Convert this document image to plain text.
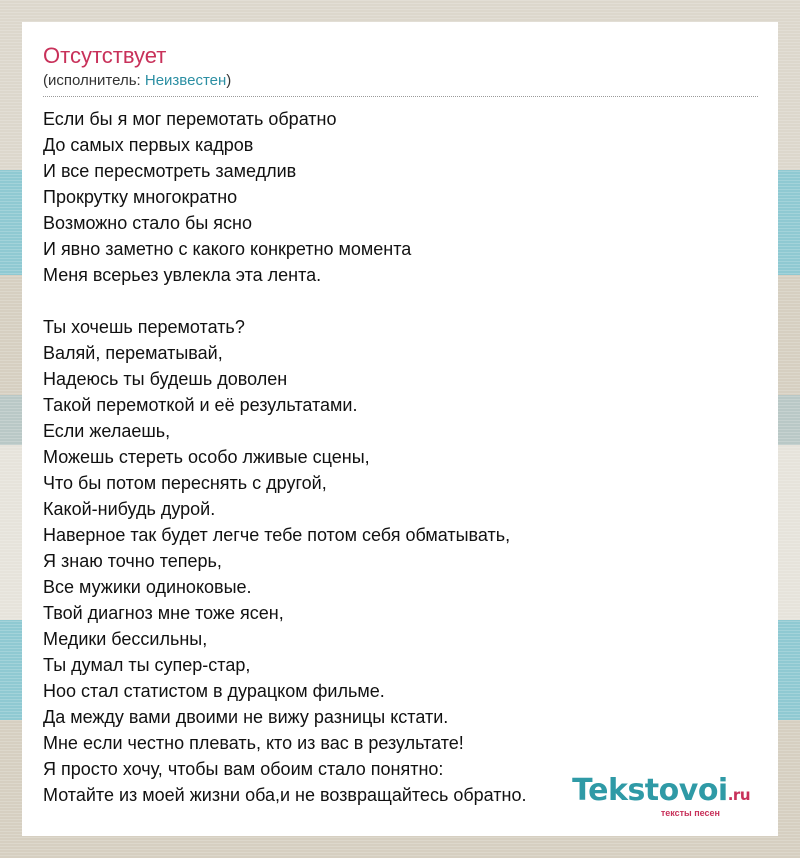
Отсутствует
(исполнитель: Неизвестен)
Если бы я мог перемотать обратно
До самых первых кадров
И все пересмотреть замедлив
Прокрутку многократно
Возможно стало бы ясно
И явно заметно с какого конкретно момента
Меня всерьез увлекла эта лента.
Ты хочешь перемотать?
Валяй, перематывай,
Надеюсь ты будешь доволен
Такой перемоткой и её результатами.
Если желаешь,
Можешь стереть особо лживые сцены,
Что бы потом переснять с другой,
Какой-нибудь дурой.
Наверное так будет легче тебе потом себя обматывать,
Я знаю точно теперь,
Все мужики одиноковые.
Твой диагноз мне тоже ясен,
Медики бессильны,
Ты думал ты супер-стар,
Ноо стал статистом в дурацком фильме.
Да между вами двоими не вижу разницы кстати.
Мне если честно плевать, кто из вас в результате!
Я просто хочу, чтобы вам обоим стало понятно:
Мотайте из моей жизни оба,и не возвращайтесь обратно.	Tekstovoi.ru
тексты песен
